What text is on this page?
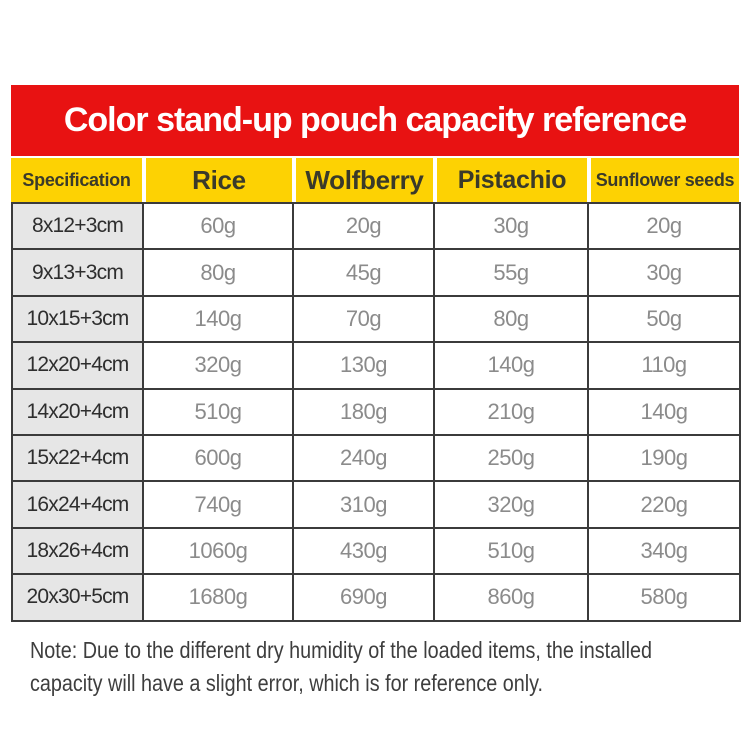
Color stand-up pouch capacity reference
Specification	Rice	Wolfberry	Pistachio	Sunflower seeds
8x12+3cm	60g	20g	30g	20g
9x13+3cm	80g	45g	55g	30g
10x15+3cm	140g	70g	80g	50g
12x20+4cm	320g	130g	140g	110g
14x20+4cm	510g	180g	210g	140g
15x22+4cm	600g	240g	250g	190g
16x24+4cm	740g	310g	320g	220g
18x26+4cm	1060g	430g	510g	340g
20x30+5cm	1680g	690g	860g	580g
Note: Due to the different dry humidity of the loaded items, the installed
capacity will have a slight error, which is for reference only.
